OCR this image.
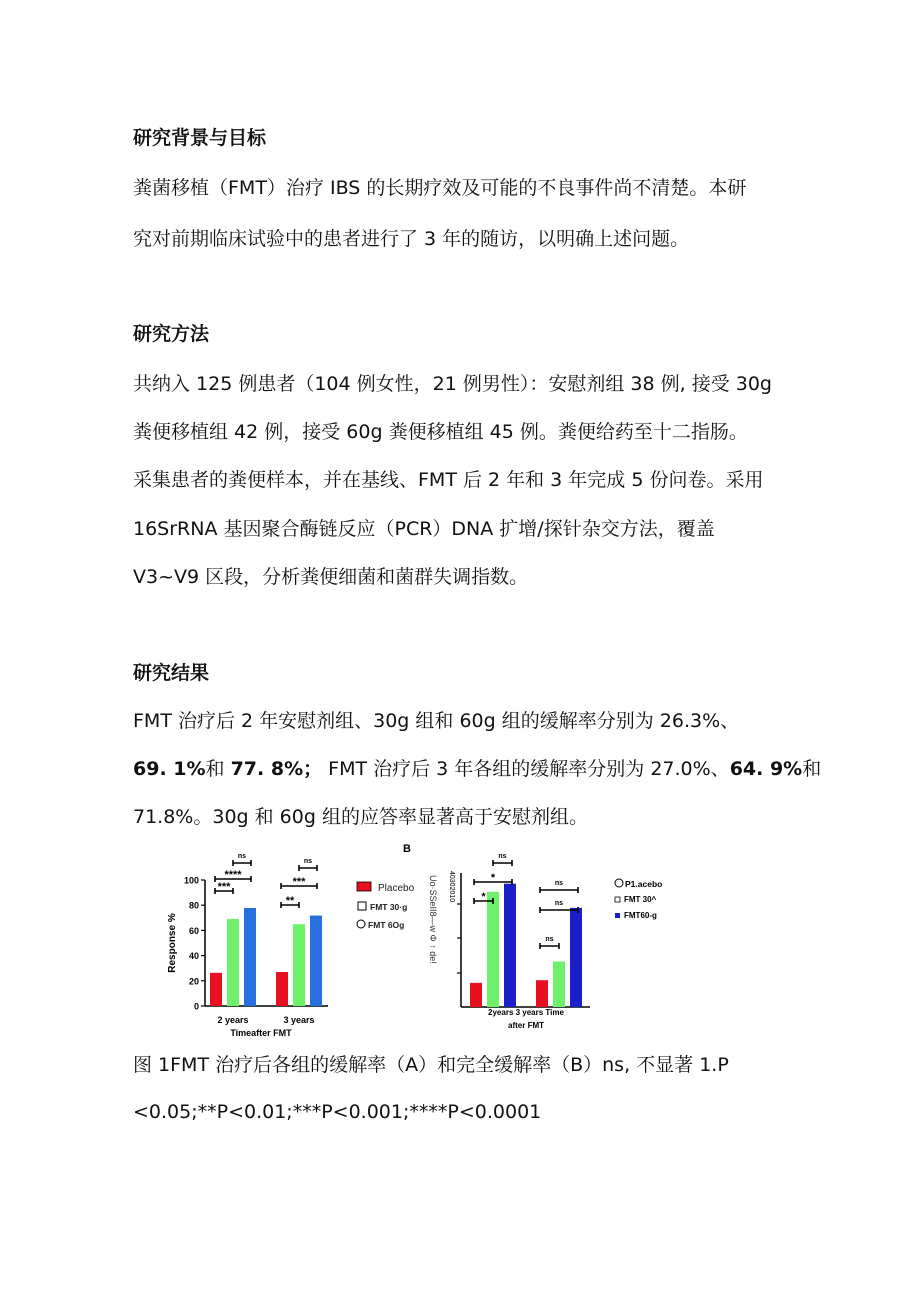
研究背景与目标

粪菌移植（FMT）治疗 IBS 的长期疗效及可能的不良事件尚不清楚。本研

究对前期临床试验中的患者进行了 3 年的随访，以明确上述问题。

研究方法

共纳入 125 例患者（104 例女性，21 例男性）：安慰剂组 38 例, 接受 30g

粪便移植组 42 例，接受 60g 粪便移植组 45 例。粪便给药至十二指肠。

采集患者的粪便样本，并在基线、FMT 后 2 年和 3 年完成 5 份问卷。采用

16SrRNA 基因聚合酶链反应（PCR）DNA 扩增/探针杂交方法，覆盖

V3~V9 区段，分析粪便细菌和菌群失调指数。

研究结果

FMT 治疗后 2 年安慰剂组、30g 组和 60g 组的缓解率分别为 26.3%、

69. 1%和 77. 8%； FMT 治疗后 3 年各组的缓解率分别为 27.0%、64. 9%和

71.8%。30g 和 60g 组的应答率显著高于安慰剂组。

0
20
40
60
80
100
Response %
2 years	3 years
Timeafter FMT
***
****
ns
**
***
ns
Placebo
FMT 30·g
FMT 6Og
B
40302010
Uo·SSeII8—w Φ ↑ de!
2years 3 years Time
after FMT
*
*
ns
ns
ns
ns	P1.acebo
FMT 30^
FMT60-g

图 1FMT 治疗后各组的缓解率（A）和完全缓解率（B）ns, 不显著 1.P

<0.05;**P<0.01;***P<0.001;****P<0.0001
